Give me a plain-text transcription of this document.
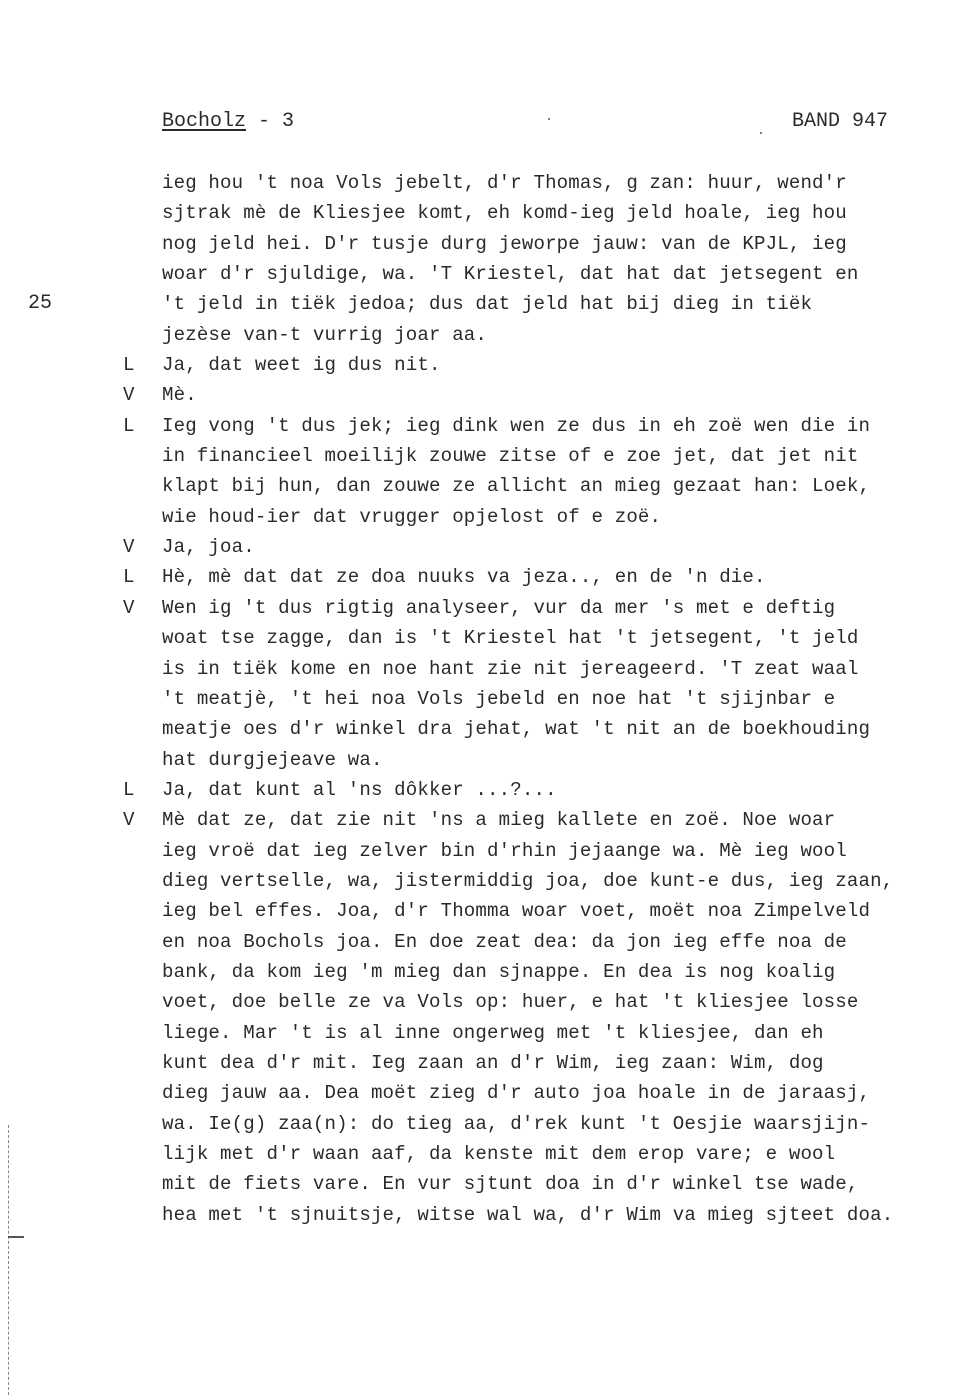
Bocholz - 3	BAND 947
25
ieg hou 't noa Vols jebelt, d'r Thomas, g zan: huur, wend'r
sjtrak mè de Kliesjee komt, eh komd-ieg jeld hoale, ieg hou
nog jeld hei. D'r tusje durg jeworpe jauw: van de KPJL, ieg
woar d'r sjuldige, wa. 'T Kriestel, dat hat dat jetsegent en
't jeld in tiëk jedoa; dus dat jeld hat bij dieg in tiëk
jezèse van-t vurrig joar aa.
L Ja, dat weet ig dus nit.
V Mè.
L Ieg vong 't dus jek; ieg dink wen ze dus in eh zoë wen die in
in financieel moeilijk zouwe zitse of e zoe jet, dat jet nit
klapt bij hun, dan zouwe ze allicht an mieg gezaat han: Loek,
wie houd-ier dat vrugger opjelost of e zoë.
V Ja, joa.
L Hè, mè dat dat ze doa nuuks va jeza.., en de 'n die.
V Wen ig 't dus rigtig analyseer, vur da mer 's met e deftig
woat tse zagge, dan is 't Kriestel hat 't jetsegent, 't jeld
is in tiëk kome en noe hant zie nit jereageerd. 'T zeat waal
't meatjè, 't hei noa Vols jebeld en noe hat 't sjijnbar e
meatje oes d'r winkel dra jehat, wat 't nit an de boekhouding
hat durgjejeave wa.
L Ja, dat kunt al 'ns dôkker ...?...
V Mè dat ze, dat zie nit 'ns a mieg kallete en zoë. Noe woar
ieg vroë dat ieg zelver bin d'rhin jejaange wa. Mè ieg wool
dieg vertselle, wa, jistermiddig joa, doe kunt-e dus, ieg zaan,
ieg bel effes. Joa, d'r Thomma woar voet, moët noa Zimpelveld
en noa Bochols joa. En doe zeat dea: da jon ieg effe noa de
bank, da kom ieg 'm mieg dan sjnappe. En dea is nog koalig
voet, doe belle ze va Vols op: huer, e hat 't kliesjee losse
liege. Mar 't is al inne ongerweg met 't kliesjee, dan eh
kunt dea d'r mit. Ieg zaan an d'r Wim, ieg zaan: Wim, dog
dieg jauw aa. Dea moët zieg d'r auto joa hoale in de jaraasj,
wa. Ie(g) zaa(n): do tieg aa, d'rek kunt 't Oesjie waarsjijn-
lijk met d'r waan aaf, da kenste mit dem erop vare; e wool
mit de fiets vare. En vur sjtunt doa in d'r winkel tse wade,
hea met 't sjnuitsje, witse wal wa, d'r Wim va mieg sjteet doa.
